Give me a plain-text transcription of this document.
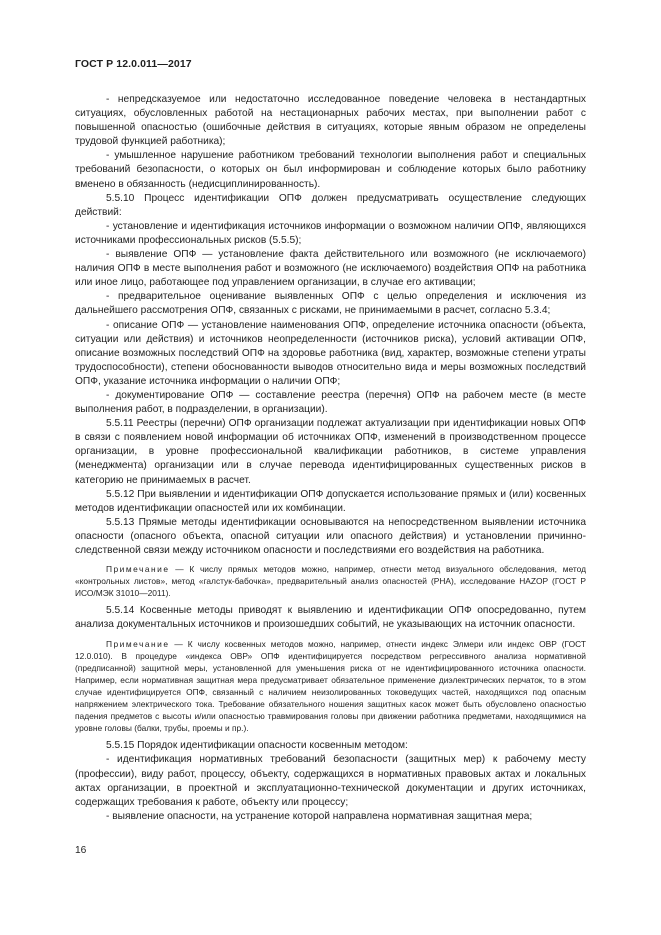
ГОСТ Р 12.0.011—2017

- непредсказуемое или недостаточно исследованное поведение человека в нестандартных ситуациях, обусловленных работой на нестационарных рабочих местах, при выполнении работ с повышенной опасностью (ошибочные действия в ситуациях, которые явным образом не определены трудовой функцией работника);

- умышленное нарушение работником требований технологии выполнения работ и специальных требований безопасности, о которых он был информирован и соблюдение которых было работнику вменено в обязанность (недисциплинированность).

5.5.10 Процесс идентификации ОПФ должен предусматривать осуществление следующих действий:

- установление и идентификация источников информации о возможном наличии ОПФ, являющихся источниками профессиональных рисков (5.5.5);

- выявление ОПФ — установление факта действительного или возможного (не исключаемого) наличия ОПФ в месте выполнения работ и возможного (не исключаемого) воздействия ОПФ на работника или иное лицо, работающее под управлением организации, в случае его активации;

- предварительное оценивание выявленных ОПФ с целью определения и исключения из дальнейшего рассмотрения ОПФ, связанных с рисками, не принимаемыми в расчет, согласно 5.3.4;

- описание ОПФ — установление наименования ОПФ, определение источника опасности (объекта, ситуации или действия) и источников неопределенности (источников риска), условий активации ОПФ, описание возможных последствий ОПФ на здоровье работника (вид, характер, возможные степени утраты трудоспособности), степени обоснованности выводов относительно вида и меры возможных последствий ОПФ, указание источника информации о наличии ОПФ;

- документирование ОПФ — составление реестра (перечня) ОПФ на рабочем месте (в месте выполнения работ, в подразделении, в организации).

5.5.11 Реестры (перечни) ОПФ организации подлежат актуализации при идентификации новых ОПФ в связи с появлением новой информации об источниках ОПФ, изменений в производственном процессе организации, в уровне профессиональной квалификации работников, в системе управления (менеджмента) организации или в случае перевода идентифицированных существенных рисков в категорию не принимаемых в расчет.

5.5.12 При выявлении и идентификации ОПФ допускается использование прямых и (или) косвенных методов идентификации опасностей или их комбинации.

5.5.13 Прямые методы идентификации основываются на непосредственном выявлении источника опасности (опасного объекта, опасной ситуации или опасного действия) и установлении причинно-следственной связи между источником опасности и последствиями его воздействия на работника.

Примечание — К числу прямых методов можно, например, отнести метод визуального обследования, метод «контрольных листов», метод «галстук-бабочка», предварительный анализ опасностей (PHA), исследование HAZOP (ГОСТ Р ИСО/МЭК 31010—2011).

5.5.14 Косвенные методы приводят к выявлению и идентификации ОПФ опосредованно, путем анализа документальных источников и произошедших событий, не указывающих на источник опасности.

Примечание — К числу косвенных методов можно, например, отнести индекс Элмери или индекс ОВР (ГОСТ 12.0.010). В процедуре «индекса ОВР» ОПФ идентифицируется посредством регрессивного анализа нормативной (предписанной) защитной меры, установленной для уменьшения риска от не идентифицированного источника опасности. Например, если нормативная защитная мера предусматривает обязательное применение диэлектрических перчаток, то в этом случае идентифицируется ОПФ, связанный с наличием неизолированных токоведущих частей, находящихся под опасным напряжением электрического тока. Требование обязательного ношения защитных касок может быть обусловлено опасностью падения предметов с высоты и/или опасностью травмирования головы при движении работника предметами, находящимися на уровне головы (балки, трубы, проемы и пр.).

5.5.15 Порядок идентификации опасности косвенным методом:

- идентификация нормативных требований безопасности (защитных мер) к рабочему месту (профессии), виду работ, процессу, объекту, содержащихся в нормативных правовых актах и локальных актах организации, в проектной и эксплуатационно-технической документации и других источниках, содержащих требования к работе, объекту или процессу;

- выявление опасности, на устранение которой направлена нормативная защитная мера;

16
